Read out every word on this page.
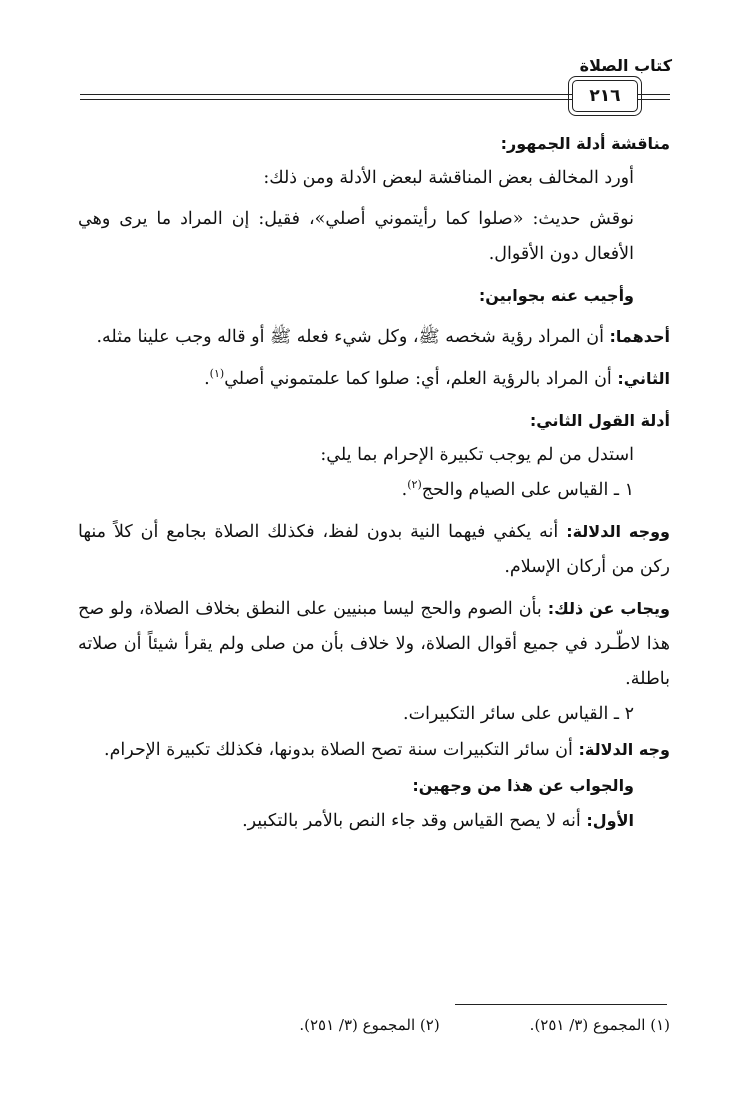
كتاب الصلاة
٢١٦

مناقشة أدلة الجمهور:

أورد المخالف بعض المناقشة لبعض الأدلة ومن ذلك:

نوقش حديث: «صلوا كما رأيتموني أصلي»، فقيل: إن المراد ما يرى وهي الأفعال دون الأقوال.

وأجيب عنه بجوابين:

أحدهما: أن المراد رؤية شخصه ﷺ، وكل شيء فعله ﷺ أو قاله وجب علينا مثله.

الثاني: أن المراد بالرؤية العلم، أي: صلوا كما علمتموني أصلي$^{(١)}$.

أدلة القول الثاني:

استدل من لم يوجب تكبيرة الإحرام بما يلي:

١ ـ القياس على الصيام والحج$^{(٢)}$.

ووجه الدلالة: أنه يكفي فيهما النية بدون لفظ، فكذلك الصلاة بجامع أن كلاً منها ركن من أركان الإسلام.

ويجاب عن ذلك: بأن الصوم والحج ليسا مبنيين على النطق بخلاف الصلاة، ولو صح هذا لاطّـرد في جميع أقوال الصلاة، ولا خلاف بأن من صلى ولم يقرأ شيئاً أن صلاته باطلة.

٢ ـ القياس على سائر التكبيرات.

وجه الدلالة: أن سائر التكبيرات سنة تصح الصلاة بدونها، فكذلك تكبيرة الإحرام.

والجواب عن هذا من وجهين:

الأول: أنه لا يصح القياس وقد جاء النص بالأمر بالتكبير.

(١) المجموع (٣/ ٢٥١).
(٢) المجموع (٣/ ٢٥١).
